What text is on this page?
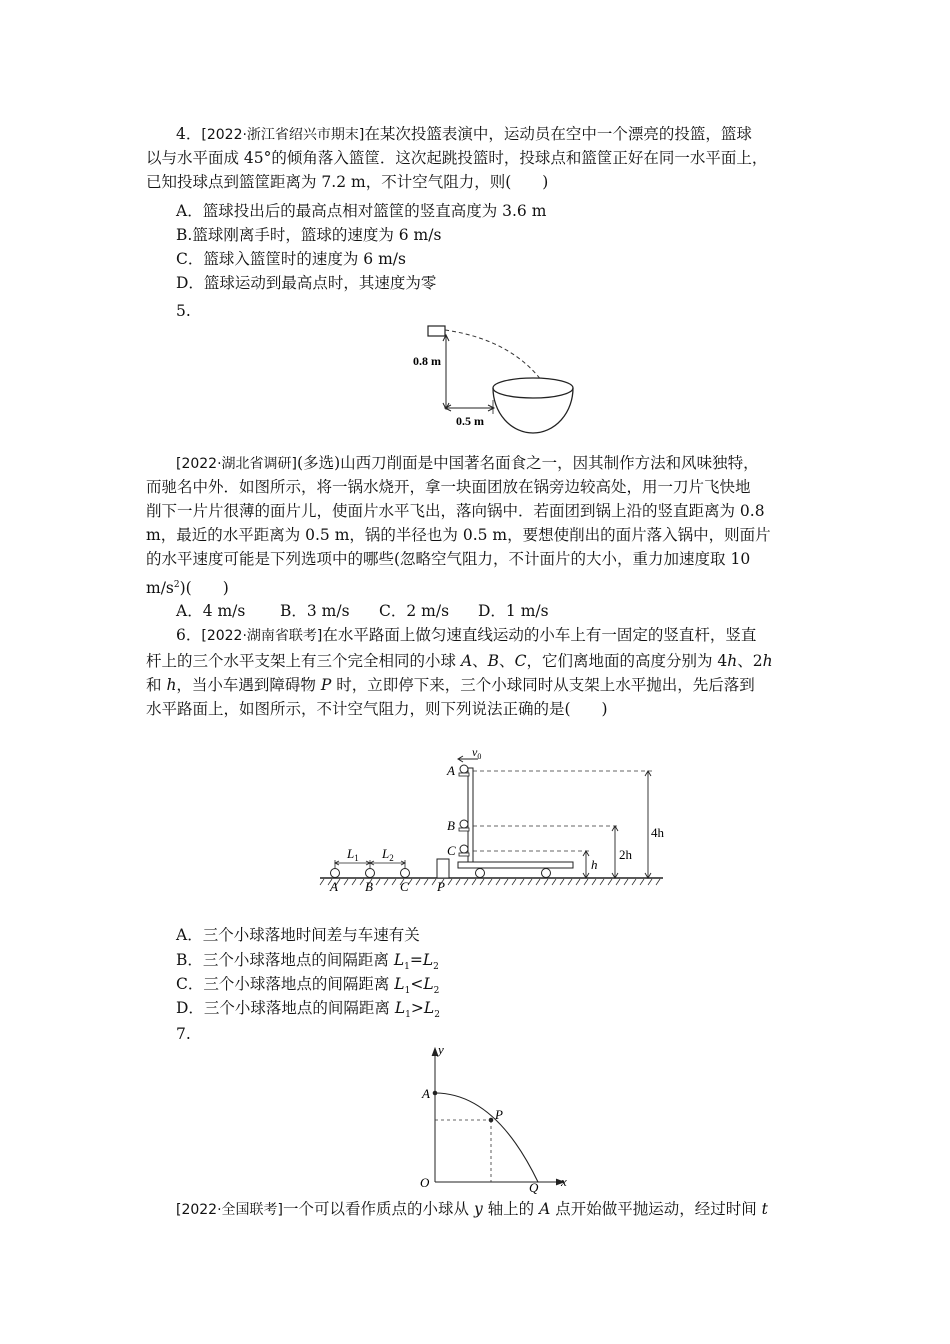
4．[2022·浙江省绍兴市期末]在某次投篮表演中，运动员在空中一个漂亮的投篮，篮球
以与水平面成 45°的倾角落入篮筐．这次起跳投篮时，投球点和篮筐正好在同一水平面上，
已知投球点到篮筐距离为 7.2 m，不计空气阻力，则(　　)
A．篮球投出后的最高点相对篮筐的竖直高度为 3.6 m
B.篮球刚离手时，篮球的速度为 6 m/s
C．篮球入篮筐时的速度为 6 m/s
D．篮球运动到最高点时，其速度为零
5.
0.8 m
0.5 m
[2022·湖北省调研](多选)山西刀削面是中国著名面食之一，因其制作方法和风味独特，
而驰名中外．如图所示，将一锅水烧开，拿一块面团放在锅旁边较高处，用一刀片飞快地
削下一片片很薄的面片儿，使面片水平飞出，落向锅中．若面团到锅上沿的竖直距离为 0.8
m，最近的水平距离为 0.5 m，锅的半径也为 0.5 m，要想使削出的面片落入锅中，则面片
的水平速度可能是下列选项中的哪些(忽略空气阻力，不计面片的大小，重力加速度取 10
$m/s^2$)(　　)
A．4 m/s B．3 m/s C．2 m/s D．1 m/s
6．[2022·湖南省联考]在水平路面上做匀速直线运动的小车上有一固定的竖直杆，竖直
杆上的三个水平支架上有三个完全相同的小球 A、B、C，它们离地面的高度分别为 4h、2h
和 h，当小车遇到障碍物 P 时，立即停下来，三个小球同时从支架上水平抛出，先后落到
水平路面上，如图所示，不计空气阻力，则下列说法正确的是(　　)
$L_1$ $L_2$
A B C P
A
B
C
$v_0$
4h
2h
h
A．三个小球落地时间差与车速有关
B．三个小球落地点的间隔距离 $L_1=L_2$
C．三个小球落地点的间隔距离 $L_1<L_2$
D．三个小球落地点的间隔距离 $L_1>L_2$
7.
y
x
A
P
O	Q
[2022·全国联考]一个可以看作质点的小球从 y 轴上的 A 点开始做平抛运动，经过时间 t
